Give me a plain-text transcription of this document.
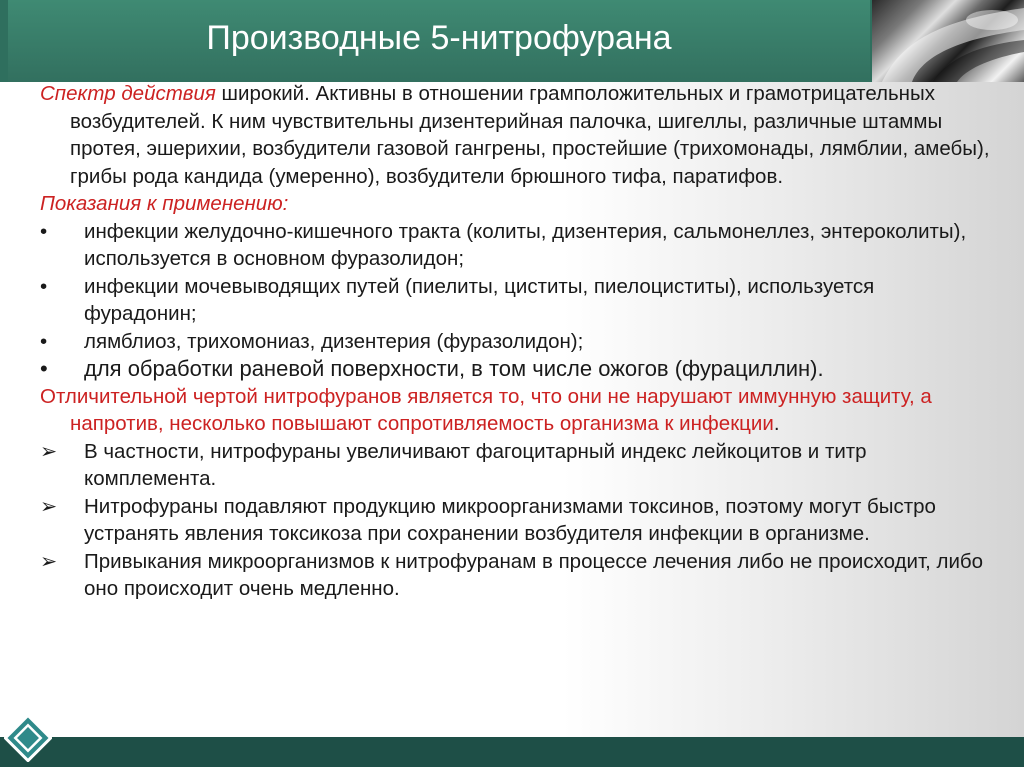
Производные 5-нитрофурана
Спектр действия широкий. Активны в отношении грамположительных и грамотрицательных возбудителей. К ним чувствительны дизентерийная палочка, шигеллы, различные штаммы протея, эшерихии, возбудители газовой гангрены, простейшие (трихомонады, лямблии, амебы), грибы рода кандида (умеренно), возбудители брюшного тифа, паратифов.
Показания к применению:
•	инфекции желудочно-кишечного тракта (колиты, дизентерия, сальмонеллез, энтероколиты), используется в основном фуразолидон;
•	инфекции мочевыводящих путей (пиелиты, циститы, пиелоциститы), используется фурадонин;
•	лямблиоз, трихомониаз, дизентерия (фуразолидон);
•	для обработки раневой поверхности, в том числе ожогов (фурациллин).
Отличительной чертой нитрофуранов является то, что они не нарушают иммунную защиту, а напротив, несколько повышают сопротивляемость организма к инфекции.
➢	В частности, нитрофураны увеличивают фагоцитарный индекс лейкоцитов и титр комплемента.
➢	Нитрофураны подавляют продукцию микроорганизмами токсинов, поэтому могут быстро устранять явления токсикоза при сохранении возбудителя инфекции в организме.
➢	Привыкания микроорганизмов к нитрофуранам в процессе лечения либо не происходит, либо оно происходит очень медленно.
